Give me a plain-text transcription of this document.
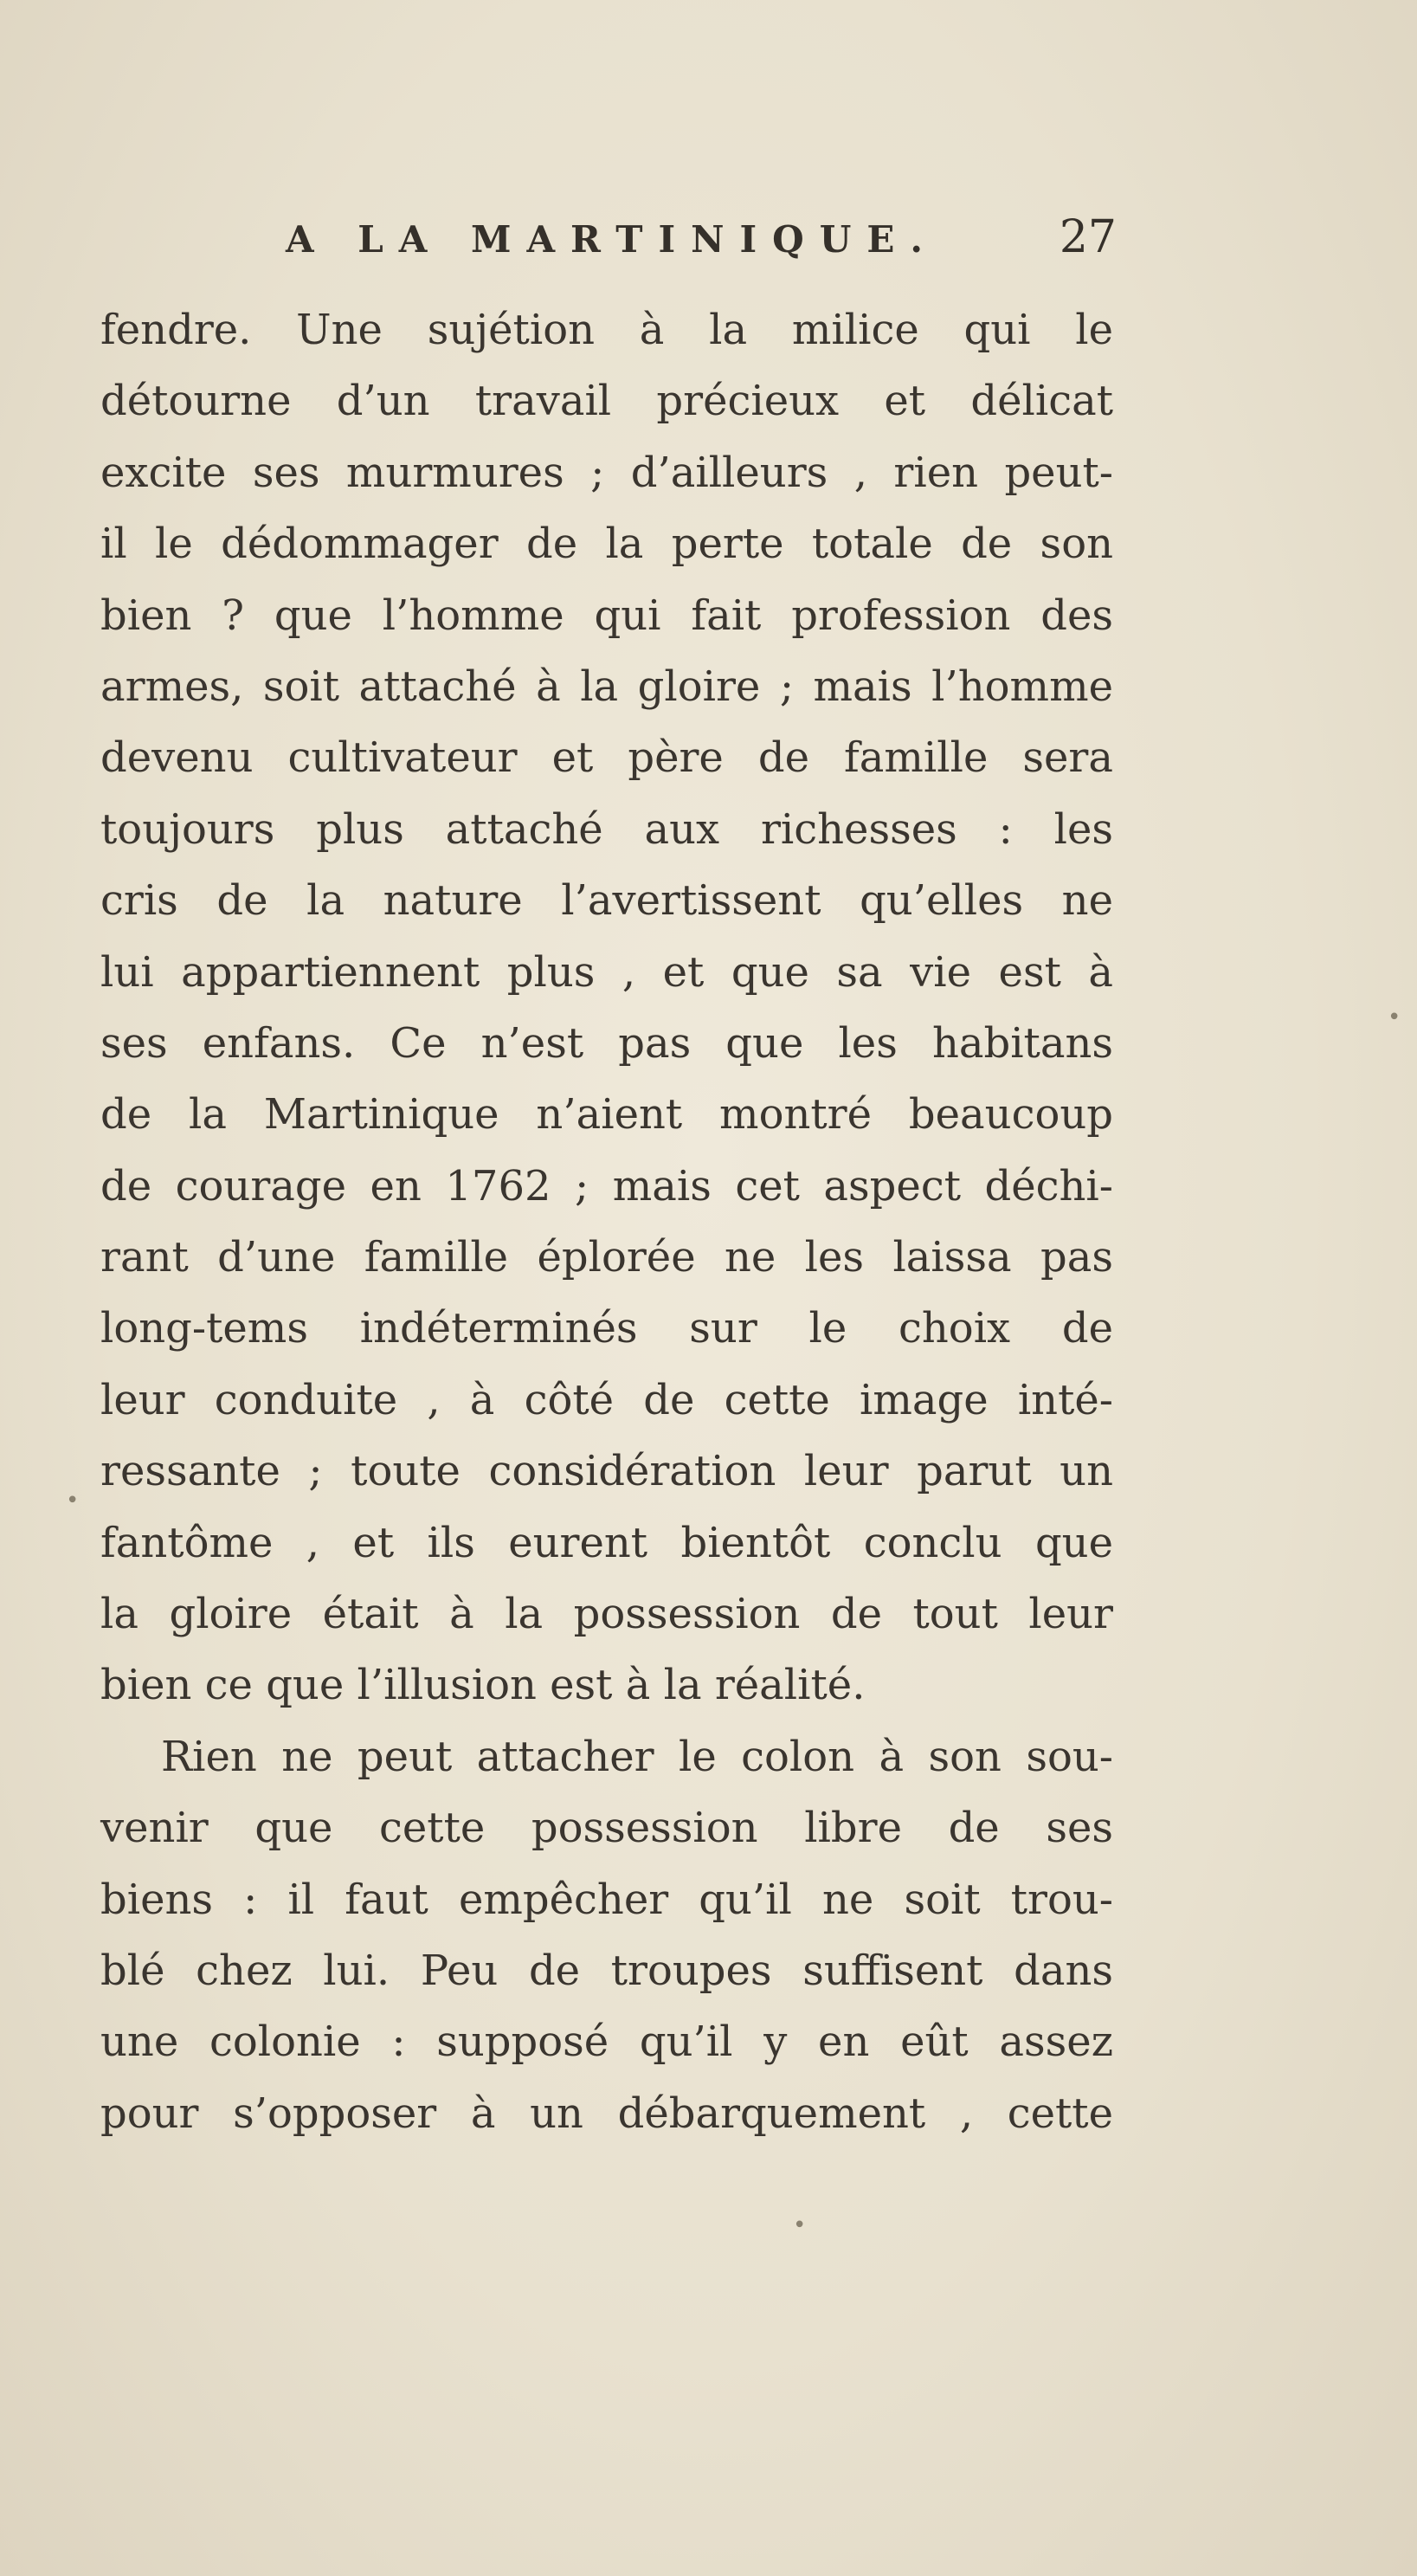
A LA MARTINIQUE.	27
fendre. Une sujétion à la milice qui le
détourne d’un travail précieux et délicat
excite ses murmures ; d’ailleurs , rien peut-
il le dédommager de la perte totale de son
bien ? que l’homme qui fait profession des
armes, soit attaché à la gloire ; mais l’homme
devenu cultivateur et père de famille sera
toujours plus attaché aux richesses : les
cris de la nature l’avertissent qu’elles ne
lui appartiennent plus , et que sa vie est à
ses enfans. Ce n’est pas que les habitans
de la Martinique n’aient montré beaucoup
de courage en 1762 ; mais cet aspect déchi-
rant d’une famille éplorée ne les laissa pas
long-tems indéterminés sur le choix de
leur conduite , à côté de cette image inté-
ressante ; toute considération leur parut un
fantôme , et ils eurent bientôt conclu que
la gloire était à la possession de tout leur
bien ce que l’illusion est à la réalité.
Rien ne peut attacher le colon à son sou-
venir que cette possession libre de ses
biens : il faut empêcher qu’il ne soit trou-
blé chez lui. Peu de troupes suffisent dans
une colonie : supposé qu’il y en eût assez
pour s’opposer à un débarquement , cette
•
•
•
